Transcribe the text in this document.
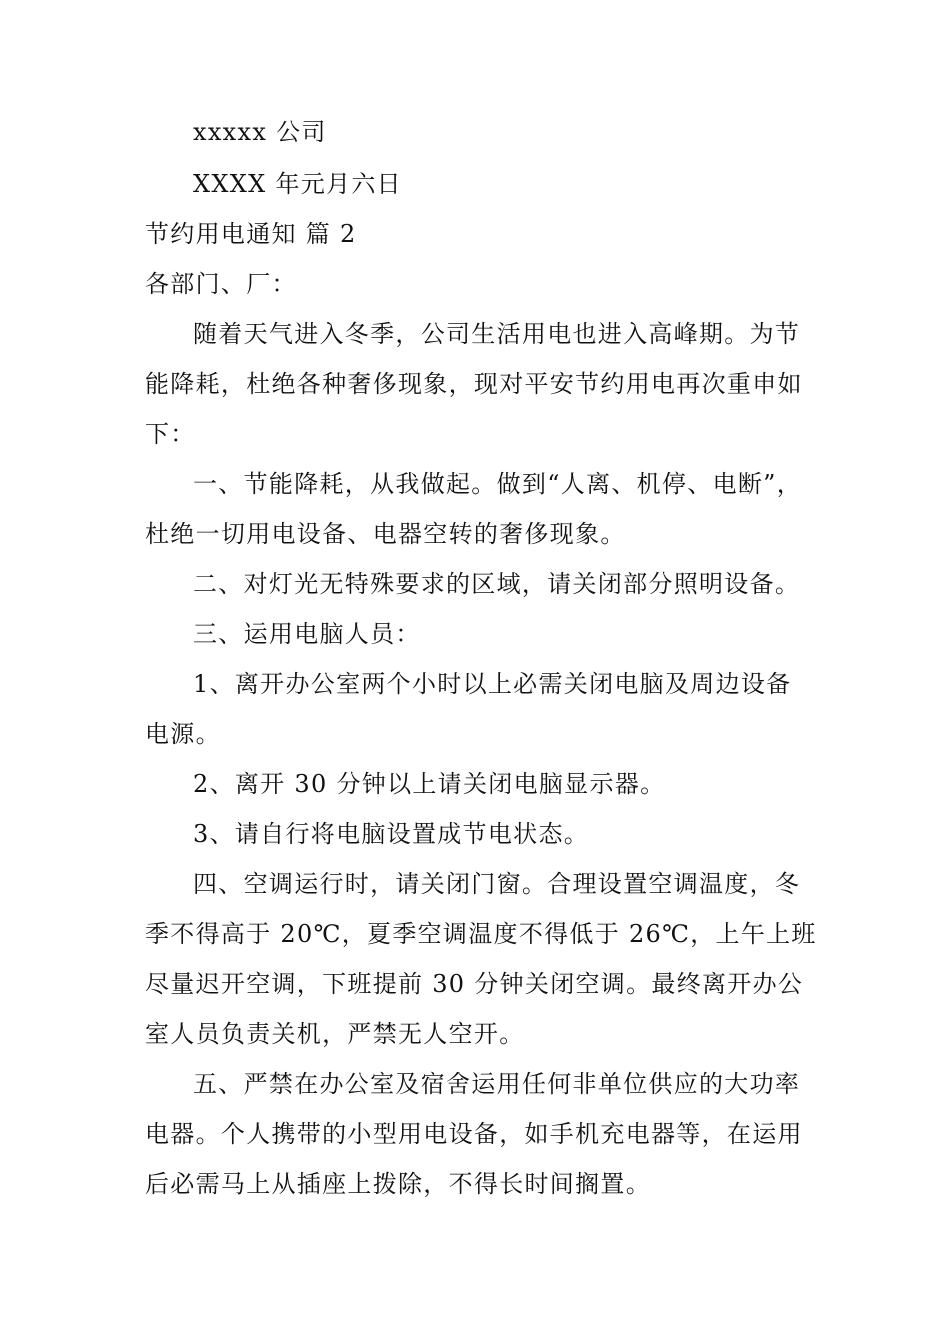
xxxxx 公司
XXXX 年元月六日
节约用电通知 篇 2
各部门、厂：
随着天气进入冬季，公司生活用电也进入高峰期。为节
能降耗，杜绝各种奢侈现象，现对平安节约用电再次重申如
下：
一、节能降耗，从我做起。做到“人离、机停、电断”，
杜绝一切用电设备、电器空转的奢侈现象。
二、对灯光无特殊要求的区域，请关闭部分照明设备。
三、运用电脑人员：
1、离开办公室两个小时以上必需关闭电脑及周边设备
电源。
2、离开 30 分钟以上请关闭电脑显示器。
3、请自行将电脑设置成节电状态。
四、空调运行时，请关闭门窗。合理设置空调温度，冬
季不得高于 20℃，夏季空调温度不得低于 26℃，上午上班
尽量迟开空调，下班提前 30 分钟关闭空调。最终离开办公
室人员负责关机，严禁无人空开。
五、严禁在办公室及宿舍运用任何非单位供应的大功率
电器。个人携带的小型用电设备，如手机充电器等，在运用
后必需马上从插座上拨除，不得长时间搁置。
